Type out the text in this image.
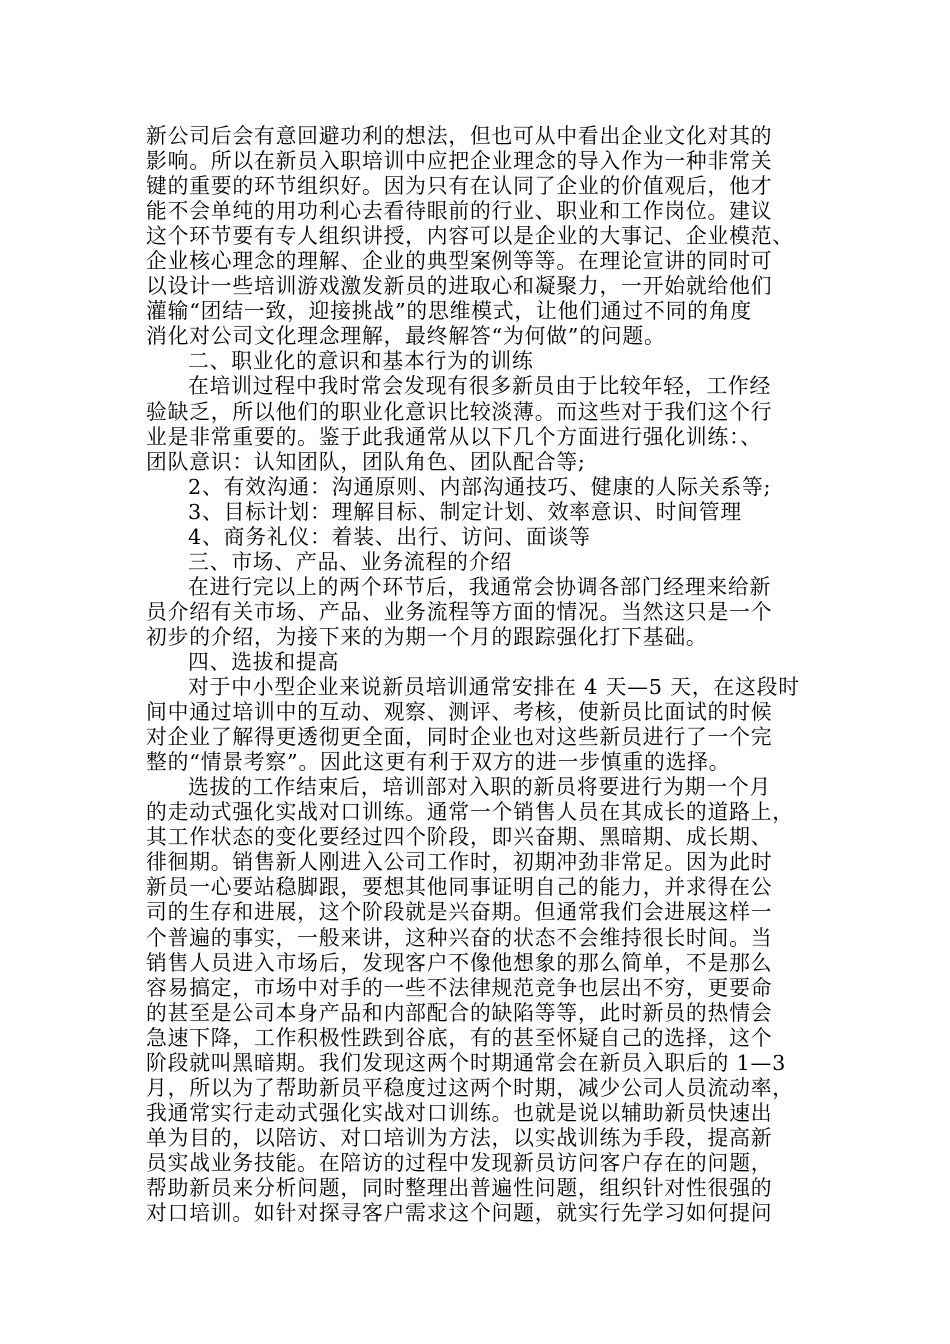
新公司后会有意回避功利的想法，但也可从中看出企业文化对其的
影响。所以在新员入职培训中应把企业理念的导入作为一种非常关
键的重要的环节组织好。因为只有在认同了企业的价值观后，他才
能不会单纯的用功利心去看待眼前的行业、职业和工作岗位。建议
这个环节要有专人组织讲授，内容可以是企业的大事记、企业模范、
企业核心理念的理解、企业的典型案例等等。在理论宣讲的同时可
以设计一些培训游戏激发新员的进取心和凝聚力，一开始就给他们
灌输“团结一致，迎接挑战”的思维模式，让他们通过不同的角度
消化对公司文化理念理解，最终解答“为何做”的问题。
二、职业化的意识和基本行为的训练
在培训过程中我时常会发现有很多新员由于比较年轻，工作经
验缺乏，所以他们的职业化意识比较淡薄。而这些对于我们这个行
业是非常重要的。鉴于此我通常从以下几个方面进行强化训练：、
团队意识：认知团队，团队角色、团队配合等;
2、有效沟通：沟通原则、内部沟通技巧、健康的人际关系等;
3、目标计划：理解目标、制定计划、效率意识、时间管理
4、商务礼仪：着装、出行、访问、面谈等
三、市场、产品、业务流程的介绍
在进行完以上的两个环节后，我通常会协调各部门经理来给新
员介绍有关市场、产品、业务流程等方面的情况。当然这只是一个
初步的介绍，为接下来的为期一个月的跟踪强化打下基础。
四、选拔和提高
对于中小型企业来说新员培训通常安排在 4 天—5 天，在这段时
间中通过培训中的互动、观察、测评、考核，使新员比面试的时候
对企业了解得更透彻更全面，同时企业也对这些新员进行了一个完
整的“情景考察”。因此这更有利于双方的进一步慎重的选择。
选拔的工作结束后，培训部对入职的新员将要进行为期一个月
的走动式强化实战对口训练。通常一个销售人员在其成长的道路上，
其工作状态的变化要经过四个阶段，即兴奋期、黑暗期、成长期、
徘徊期。销售新人刚进入公司工作时，初期冲劲非常足。因为此时
新员一心要站稳脚跟，要想其他同事证明自己的能力，并求得在公
司的生存和进展，这个阶段就是兴奋期。但通常我们会进展这样一
个普遍的事实，一般来讲，这种兴奋的状态不会维持很长时间。当
销售人员进入市场后，发现客户不像他想象的那么简单，不是那么
容易搞定，市场中对手的一些不法律规范竞争也层出不穷，更要命
的甚至是公司本身产品和内部配合的缺陷等等，此时新员的热情会
急速下降，工作积极性跌到谷底，有的甚至怀疑自己的选择，这个
阶段就叫黑暗期。我们发现这两个时期通常会在新员入职后的 1—3
月，所以为了帮助新员平稳度过这两个时期，减少公司人员流动率，
我通常实行走动式强化实战对口训练。也就是说以辅助新员快速出
单为目的，以陪访、对口培训为方法，以实战训练为手段，提高新
员实战业务技能。在陪访的过程中发现新员访问客户存在的问题，
帮助新员来分析问题，同时整理出普遍性问题，组织针对性很强的
对口培训。如针对探寻客户需求这个问题，就实行先学习如何提问
